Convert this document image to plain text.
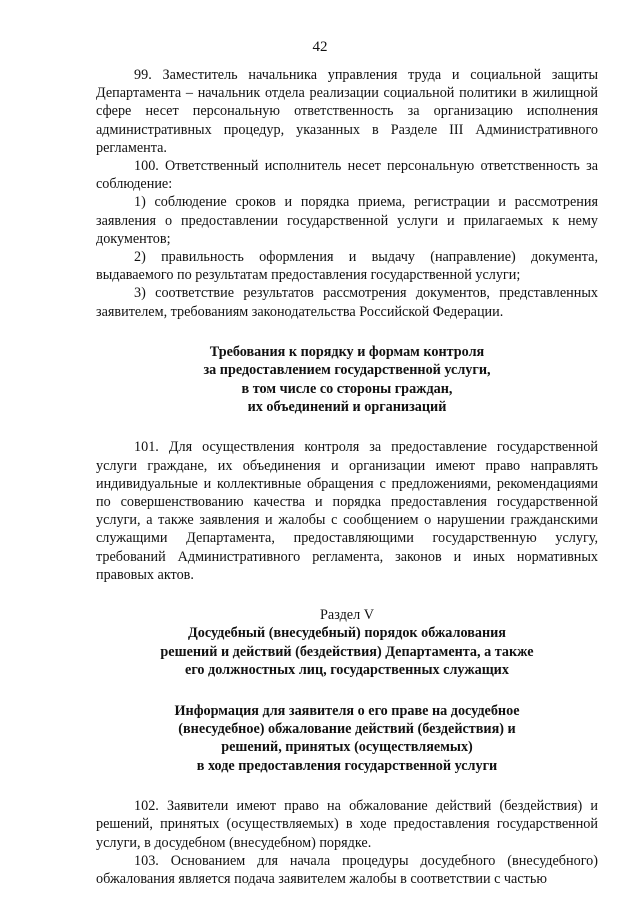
42

99. Заместитель начальника управления труда и социальной защиты Департамента – начальник отдела реализации социальной политики в жилищной сфере несет персональную ответственность за организацию исполнения административных процедур, указанных в Разделе III Административного регламента.

100. Ответственный исполнитель несет персональную ответственность за соблюдение:

1) соблюдение сроков и порядка приема, регистрации и рассмотрения заявления о предоставлении государственной услуги и прилагаемых к нему документов;

2) правильность оформления и выдачу (направление) документа, выдаваемого по результатам предоставления государственной услуги;

3) соответствие результатов рассмотрения документов, представленных заявителем, требованиям законодательства Российской Федерации.

Требования к порядку и формам контроля

за предоставлением государственной услуги,

в том числе со стороны граждан,

их объединений и организаций

101. Для осуществления контроля за предоставление государственной услуги граждане, их объединения и организации имеют право направлять индивидуальные и коллективные обращения с предложениями, рекомендациями по совершенствованию качества и порядка предоставления государственной услуги, а также заявления и жалобы с сообщением о нарушении гражданскими служащими Департамента, предоставляющими государственную услугу, требований Административного регламента, законов и иных нормативных правовых актов.

Раздел V

Досудебный (внесудебный) порядок обжалования

решений и действий (бездействия) Департамента, а также

его должностных лиц, государственных служащих

Информация для заявителя о его праве на досудебное

(внесудебное) обжалование действий (бездействия) и

решений, принятых (осуществляемых)

в ходе предоставления государственной услуги

102. Заявители имеют право на обжалование действий (бездействия) и решений, принятых (осуществляемых) в ходе предоставления государственной услуги, в досудебном (внесудебном) порядке.

103. Основанием для начала процедуры досудебного (внесудебного) обжалования является подача заявителем жалобы в соответствии с частью
